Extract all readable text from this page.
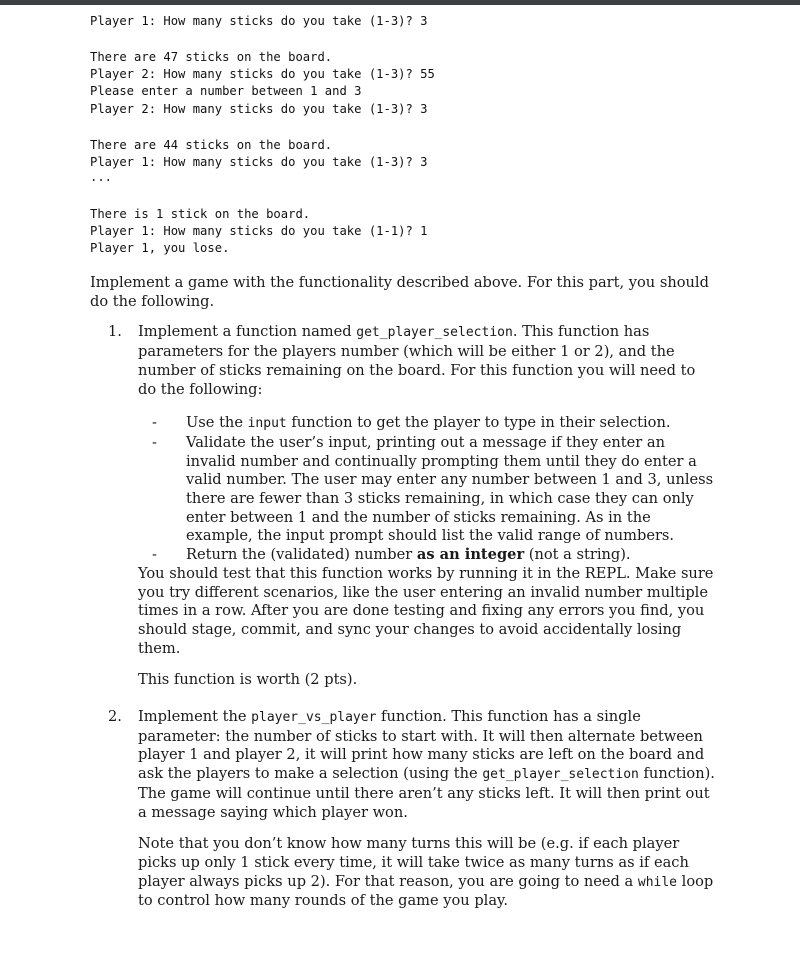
Player 1: How many sticks do you take (1-3)? 3
There are 47 sticks on the board.
Player 2: How many sticks do you take (1-3)? 55
Please enter a number between 1 and 3
Player 2: How many sticks do you take (1-3)? 3
There are 44 sticks on the board.
Player 1: How many sticks do you take (1-3)? 3
...
There is 1 stick on the board.
Player 1: How many sticks do you take (1-1)? 1
Player 1, you lose.

Implement a game with the functionality described above. For this part, you should do the following.

1. Implement a function named get_player_selection. This function has parameters for the players number (which will be either 1 or 2), and the number of sticks remaining on the board. For this function you will need to do the following:

- Use the input function to get the player to type in their selection.
- Validate the user’s input, printing out a message if they enter an invalid number and continually prompting them until they do enter a valid number. The user may enter any number between 1 and 3, unless there are fewer than 3 sticks remaining, in which case they can only enter between 1 and the number of sticks remaining. As in the example, the input prompt should list the valid range of numbers.
- Return the (validated) number as an integer (not a string).

You should test that this function works by running it in the REPL. Make sure you try different scenarios, like the user entering an invalid number multiple times in a row. After you are done testing and fixing any errors you find, you should stage, commit, and sync your changes to avoid accidentally losing them.

This function is worth (2 pts).

2. Implement the player_vs_player function. This function has a single parameter: the number of sticks to start with. It will then alternate between player 1 and player 2, it will print how many sticks are left on the board and ask the players to make a selection (using the get_player_selection function). The game will continue until there aren’t any sticks left. It will then print out a message saying which player won.

Note that you don’t know how many turns this will be (e.g. if each player picks up only 1 stick every time, it will take twice as many turns as if each player always picks up 2). For that reason, you are going to need a while loop to control how many rounds of the game you play.
